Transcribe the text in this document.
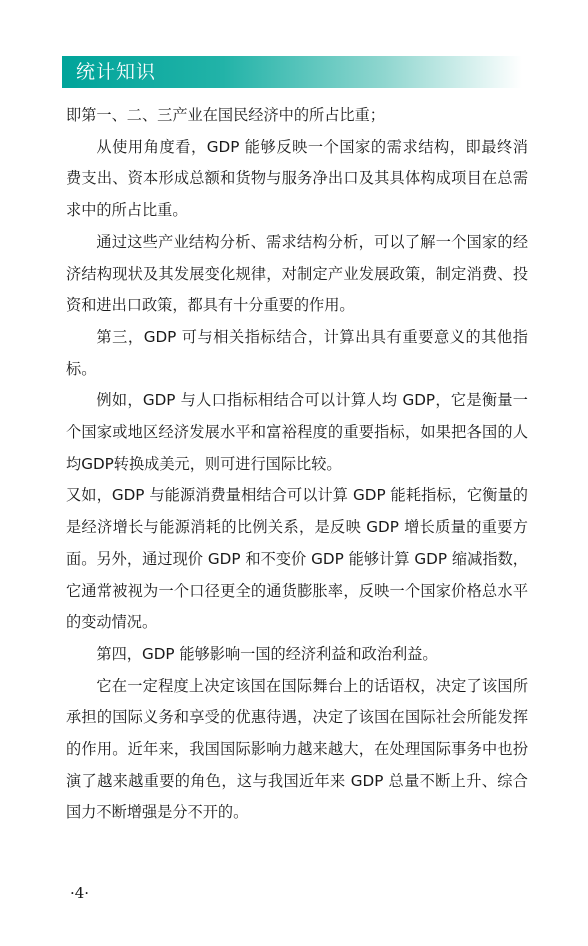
统计知识

即第一、二、三产业在国民经济中的所占比重；

从使用角度看，GDP 能够反映一个国家的需求结构，即最终消费支出、资本形成总额和货物与服务净出口及其具体构成项目在总需求中的所占比重。

通过这些产业结构分析、需求结构分析，可以了解一个国家的经济结构现状及其发展变化规律，对制定产业发展政策，制定消费、投资和进出口政策，都具有十分重要的作用。

第三，GDP 可与相关指标结合，计算出具有重要意义的其他指标。

例如，GDP 与人口指标相结合可以计算人均 GDP，它是衡量一个国家或地区经济发展水平和富裕程度的重要指标，如果把各国的人均GDP转换成美元，则可进行国际比较。

又如，GDP 与能源消费量相结合可以计算 GDP 能耗指标，它衡量的是经济增长与能源消耗的比例关系，是反映 GDP 增长质量的重要方面。另外，通过现价 GDP 和不变价 GDP 能够计算 GDP 缩减指数，它通常被视为一个口径更全的通货膨胀率，反映一个国家价格总水平的变动情况。

第四，GDP 能够影响一国的经济利益和政治利益。

它在一定程度上决定该国在国际舞台上的话语权，决定了该国所承担的国际义务和享受的优惠待遇，决定了该国在国际社会所能发挥的作用。近年来，我国国际影响力越来越大，在处理国际事务中也扮演了越来越重要的角色，这与我国近年来 GDP 总量不断上升、综合国力不断增强是分不开的。

·4·
